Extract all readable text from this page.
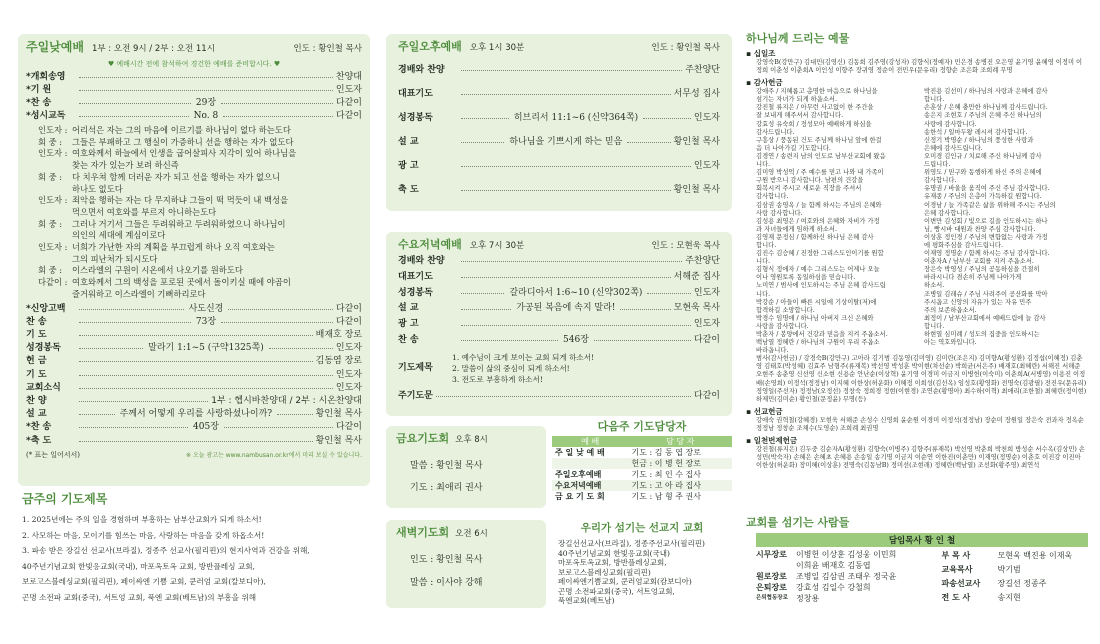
주일낮예배 1부 : 오전 9시 / 2부 : 오전 11시	인도 : 황인철 목사
♥ 예배시간 전에 참석하여 경건한 예배를 준비합시다. ♥
*개회송영	찬양대
*기 원	인도자
*찬 송	29장	다같이
*성시교독	No. 8	다같이
인도자 : 어리석은 자는 그의 마음에 이르기를 하나님이 없다 하는도다
회 중 :	그들은 부패하고 그 행실이 가증하니 선을 행하는 자가 없도다
인도자 : 여호와께서 하늘에서 인생을 굽어살피사 지각이 있어 하나님을
찾는 자가 있는가 보려 하신즉
회 중 :	다 치우쳐 함께 더러운 자가 되고 선을 행하는 자가 없으니
하나도 없도다
인도자 : 죄악을 행하는 자는 다 무지하냐 그들이 떡 먹듯이 내 백성을
먹으면서 여호와를 부르지 아니하는도다
회 중 :	그러나 거기서 그들은 두려워하고 두려워하였으니 하나님이
의인의 세대에 계심이로다
인도자 : 너희가 가난한 자의 계획을 부끄럽게 하나 오직 여호와는
그의 피난처가 되시도다
회 중 :	이스라엘의 구원이 시온에서 나오기를 원하도다
다같이 : 여호와께서 그의 백성을 포로된 곳에서 돌이키실 때에 야곱이
즐거워하고 이스라엘이 기뻐하리로다
*신앙고백	사도신경	다같이
찬 송	73장	다같이
기 도	배재호 장로
성경봉독	말라기 1:1~5 (구약1325쪽)	인도자
헌 금	김동염 장로
기 도	인도자
교회소식	인도자
찬 양	1부 : 헵시바찬양대 / 2부 : 시온찬양대
설 교	주께서 어떻게 우리를 사랑하셨나이까?	황인철 목사
*찬 송	405장	다같이
*축 도	황인철 목사
(* 표는 일어서서)	※ 오늘 광고는 www.nambusan.or.kr에서 미리 보실 수 있습니다.
금주의 기도제목
1. 2025년에는 주의 일을 경험하며 부흥하는 남부산교회가 되게 하소서!
2. 사모하는 마음, 모이기를 힘쓰는 마음, 사랑하는 마음을 갖게 하옵소서!
3. 파송 받은 장길선 선교사(브라질), 정종주 선교사(필리핀)의 현지사역과 건강을 위해,
40주년기념교회 한빛응교회(국내), 마포옥토옥 교회, 방반플레싱 교회,
보로고스블레싱교회(필리핀), 페이싸엔 기쁨 교회, 쿤러엄 교회(칼보디아),
곤명 소전파 교회(중국), 서트엉 교회, 푹엔 교회(베트남)의 부흥을 위해
주일오후예배 오후 1시 30분	인도 : 황인철 목사
경배와 찬양	주찬양단
대표기도	서무성 집사
성경봉독	히브리서 11:1~6 (신약364쪽)	인도자
설 교	하나님을 기쁘시게 하는 믿음	황인철 목사
광 고	인도자
축 도	황인철 목사
수요저녁예배 오후 7시 30분	인도 : 모현욱 목사
경배와 찬양	주찬양단
대표기도	서해준 집사
성경봉독	갈라디아서 1:6~10 (신약302쪽)	인도자
설 교	가공된 복음에 속지 말라!	모현욱 목사
광 고	인도자
찬 송	546장	다같이
기도제목
1. 예수님이 크게 보이는 교회 되게 하소서!
2. 말씀이 삶의 중심이 되게 하소서!
3. 전도로 부흥하게 하소서!
주기도문	다같이
금요기도회 오후 8시
말씀 : 황인철 목사
기도 : 최애리 권사
새벽기도회 오전 6시
인도 : 황인철 목사
말씀 : 이사야 강해
다음주 기도담당자
예 배	담 당 자
주 일 낮 예 배	기도 : 김 동 엽 장로
	헌금 : 이 병 헌 장로
주일오후예배	기도 : 최 인 수 집사
수요저녁예배	기도 : 고 아 라 집사
금 요 기 도 회	기도 : 남 형 주 권사
우리가 섬기는 선교지 교회
장길선선교사(브라질), 정종주선교사(필리핀)
40주년기념교회 한빛응교회(국내)
마포옥토옥교회, 방반플레싱교회,
보로고스블레싱교회(필리핀)
페이싸엔기쁨교회, 쿤러엄교회(캄보디아)
곤명 소전파교회(중국), 서트엉교회,
푹엔교회(베트남)
하나님께 드리는 예물
▪ 십일조
강영숙B(강만구) 김대민(김영신) 김동희 김주영(강성자) 김향식(정예자) 민은경 송병진 오은영 윤기영 윤혜영 이정미 이정희 이춘성 이춘희A 이인성 이향주 장귀영 정순이 전민우(문유리) 정향순 조은화 조희례 무명
▪ 감사헌금
강애주 / 지혜롭고 총명한 마음으로 하나님을
섬기는 자녀가 되게 하옵소서.
강진철 류지은 / 아무런 사고없이 한 주간을
잘 보내게 해주셔서 감사합니다.
강효성 유숙희 / 정성모아 예배하게 하심을
감사드립니다.
구흥상 / 풍동된 건도 주님께 하나님 앞에 한걸
음 더 나아가길 기도합니다.
김경연 / 송련지 남의 인도로 남부산교회에 왔음
니다.
김미영 박성억 / 주 예수를 믿고 나와 내 가족이
구원 받으니 감사합니다. 남편의 건강을
회복시켜 주시고 새로운 직장을 주셔서
감사합니다.
김삼권 송영옥 / 늘 함께 하시는 주님의 은혜와
사랑 감사합니다.
김성용 최영은 / 여호와의 은혜와 자비가 가정
과 자녀들에게 임하게 하소서.
김영재 문정심 / 함께하신 하나님 은혜 감사
합니다.
김진수 김승혜 / 진정한 그리스도인이기를 원합
니다.
김형식 정애자 / 예수 그리스도는 어제나 오늘
이나 영원토록 동일하심을 믿습니다.
노미연 / 범사에 인도하시는 주님 은혜 감사드립
니다.
박강순 / 아들이 빠른 시일에 기상이탈(저)에
합격하길 소망합니다.
박경수 임명애 / 하나님 아버지 크신 은혜와
사랑을 감사합니다.
박춘자 / 봉양에서 건강과 믿음을 지켜 주옵소서.
백남열 정혜란 / 하나님의 구원이 우리 주옵소
바라옵니다.
박진용 김선미 / 하나님의 사랑과 은혜에 감사
합니다.
손훈상 / 은혜 충만한 하나님께 감사드립니다.
송은지 조현호 / 주님의 은혜 주신 하나님의
사랑에 감사합니다.
송한석 / 일마두왕 레시셔 감사합니다.
신정기 박명순 / 하나님의 풍성한 사랑과
은혜에 감사드립니다.
오미경 김인규 / 치료해 주신 하나님께 감사
드립니다.
위영도 / 믿구와 동행하게 하신 주의 은혜에
감사합니다.
유명권 / 바울을 움직여 주신 주님 감사합니다.
유재종 / 주님의 은총이 가득하길 원합니다.
이경남 / 늘 가족같은 삶을 위하해 주시는 주님의
은혜 감사합니다.
이변만 김성회 / 빛으로 길을 인도하시는 하나
님, 빵시바 대원과 찬양 주심 감사합니다.
이상훈 정인경 / 주님의 변함없는 사랑과 가정
에 평화주심을 감사드립니다.
이재영 정명순 / 함께 하시는 주님 감사합니다.
이춘자A / 남부산 교회를 지켜 주옵소서.
장은숙 박영성 / 주님의 공동하심을 간절히
바라시니다 겸손히 주님께 나아가게
하소서.
조병일 김래슈 / 주님 사려주이 공산화를 막아
주시옵고 신앙의 자유가 있는 자유 민주
주의 보존하옵소서.
최정이 / 남부산교회에서 예배드림에 늘 감사
합니다.
하현열 심미례 / 성도의 집중을 인도하시는
아는 역호와입니다.
범사(감사헌금) / 강경숙B(강만구) 고아라 김기범 김동영(김미영) 김미란(조은지) 김미향A(황성환) 김정섭(이혜정) 김춘영 김태호(박성혜) 김효주 남형주(류재복) 박선영 박성훈 박이현(차선순) 박희균(서은주) 배재호(최혜란) 서해진 서해준 오현주 송춘영 신선영 신소현 신용순 안난순(이상혁) 윤기영 이경미 이금지 이병헌(이숙미) 이춘희A(서병영) 이용진 이정배(손영희) 이정석(정정남) 이지혜 이한상(허운화) 이혜정 이희성(김선옥) 임성호(황영화) 전명숙(김광필) 전진우(문유리) 정영일(주선자) 정정남(오정선) 정창숙 정희경 정현(이현경) 조연순(황명아) 최수하(이혁) 최애리(조한철) 최혜린(정이현) 하제민(김미순) 황인철(문정윤) 무명(등)
▪ 선교헌금
강애숙 권혁철(강혜경) 모현욱 서해준 손성수 신영희 윤순원 이경미 이정석(정정남) 장순미 장원일 장은숙 전과자 정옥순 정정남 정창순 조채수(도영순) 조희례 최권명
▪ 일천번제헌금
강진철(류지은) 김두중 김순자A(황성환) 김향숙(이병주) 김향주(류재복) 박선영 박춘희 박천희 방성순 서수옥(김상민) 손성민(박숙자) 손혜은 손혜초 손혜용 손송일 송기명 이금지 이순연 이한진(이춘만) 이재영(정명순) 이춘호 이진강 이진아 이한상(허운화) 장미혜(이상훈) 전명숙(김동남B) 정미선(조현래) 정혜란(백남열) 조선화(황주영) 최연석
교회를 섬기는 사람들
담임목사 황 인 철
시무장로	이병헌 이상훈 김성웅 이민희
이희윤 배재호 김동엽
원로장로	조병일 김삼권 조태우 정국윤
은퇴장로	강효성 김일수 강철희
은퇴협동장로	정창용
부 목 사	모현욱 백진용 이재욱
교육목사	박기범
파송선교사	장길선 정종주
전 도 사	송지현
